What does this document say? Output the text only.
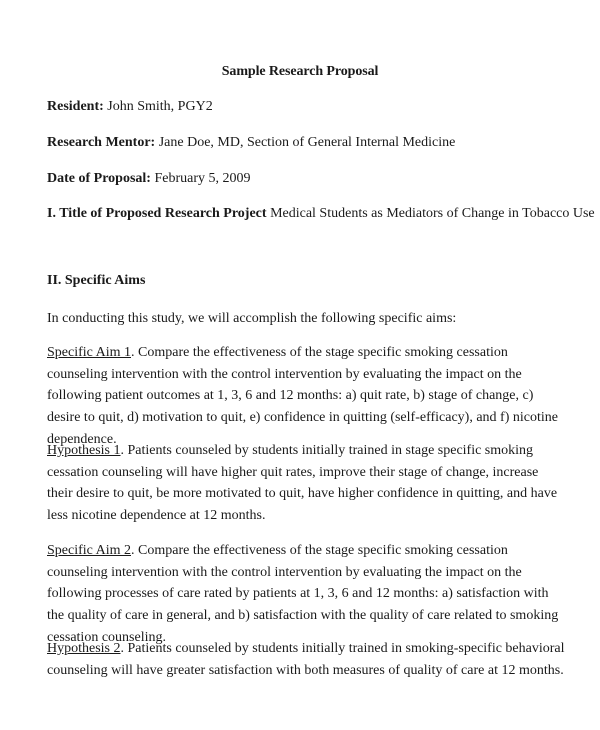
Sample Research Proposal
Resident: John Smith, PGY2
Research Mentor: Jane Doe, MD, Section of General Internal Medicine
Date of Proposal: February 5, 2009
I. Title of Proposed Research Project Medical Students as Mediators of Change in Tobacco Use
II. Specific Aims
In conducting this study, we will accomplish the following specific aims:
Specific Aim 1. Compare the effectiveness of the stage specific smoking cessation counseling intervention with the control intervention by evaluating the impact on the following patient outcomes at 1, 3, 6 and 12 months: a) quit rate, b) stage of change, c) desire to quit, d) motivation to quit, e) confidence in quitting (self-efficacy), and f) nicotine dependence.
Hypothesis 1. Patients counseled by students initially trained in stage specific smoking cessation counseling will have higher quit rates, improve their stage of change, increase their desire to quit, be more motivated to quit, have higher confidence in quitting, and have less nicotine dependence at 12 months.
Specific Aim 2. Compare the effectiveness of the stage specific smoking cessation counseling intervention with the control intervention by evaluating the impact on the following processes of care rated by patients at 1, 3, 6 and 12 months: a) satisfaction with the quality of care in general, and b) satisfaction with the quality of care related to smoking cessation counseling.
Hypothesis 2. Patients counseled by students initially trained in smoking-specific behavioral counseling will have greater satisfaction with both measures of quality of care at 12 months.
